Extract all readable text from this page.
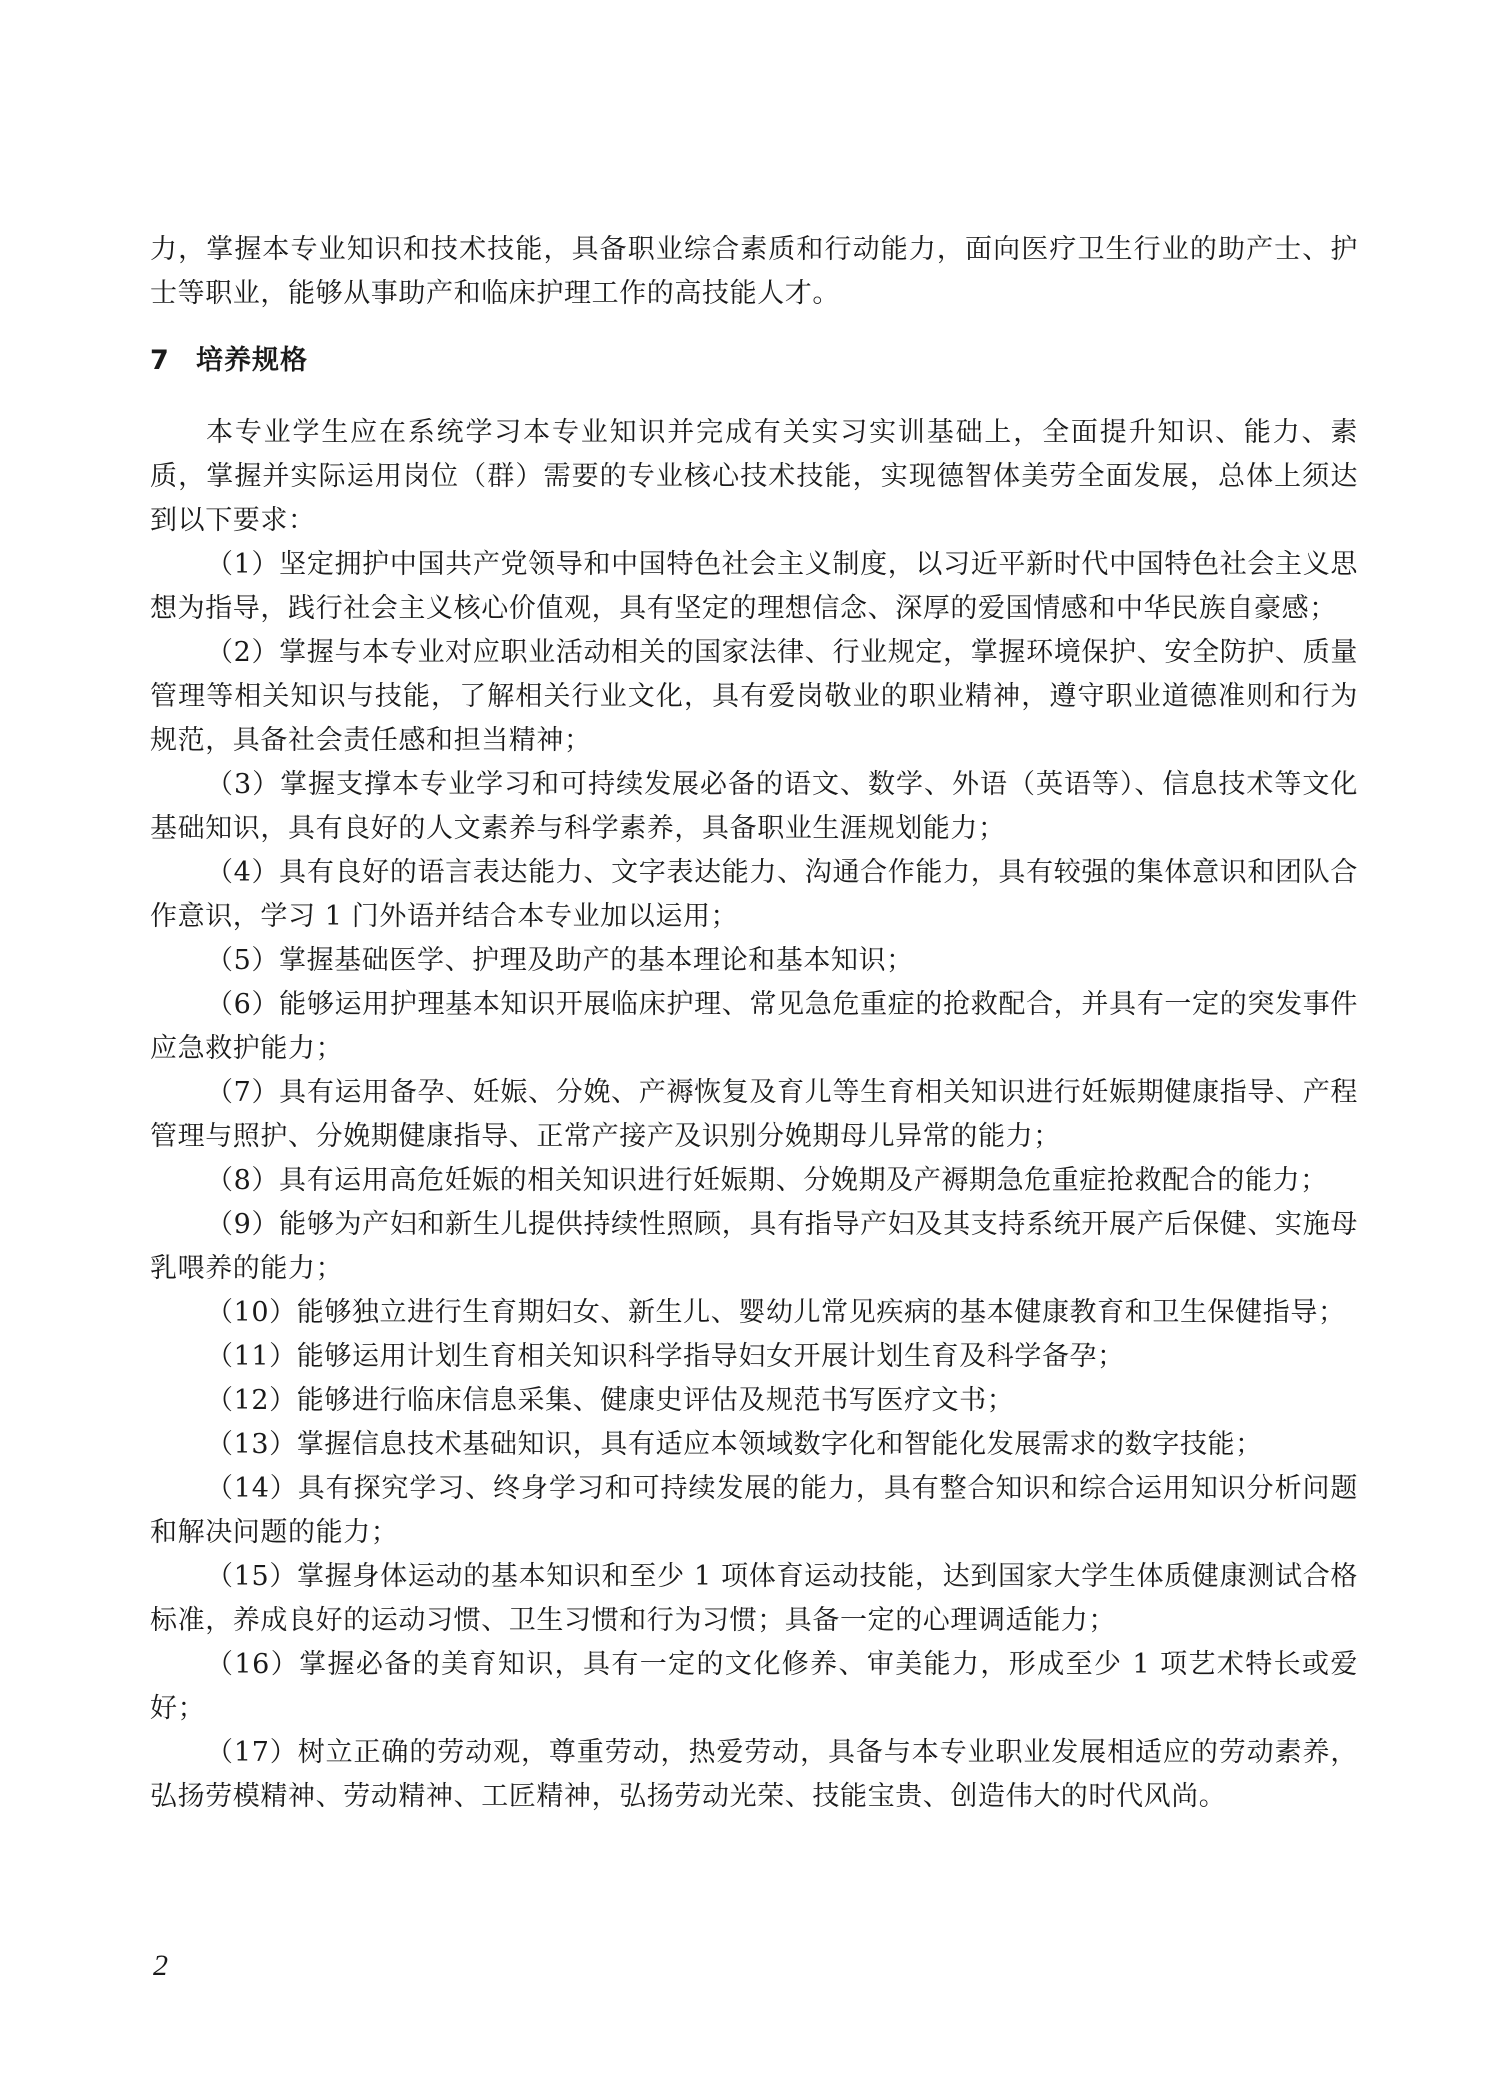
力，掌握本专业知识和技术技能，具备职业综合素质和行动能力，面向医疗卫生行业的助产士、护士等职业，能够从事助产和临床护理工作的高技能人才。

7 培养规格

本专业学生应在系统学习本专业知识并完成有关实习实训基础上，全面提升知识、能力、素质，掌握并实际运用岗位（群）需要的专业核心技术技能，实现德智体美劳全面发展，总体上须达到以下要求：

（1）坚定拥护中国共产党领导和中国特色社会主义制度，以习近平新时代中国特色社会主义思想为指导，践行社会主义核心价值观，具有坚定的理想信念、深厚的爱国情感和中华民族自豪感；

（2）掌握与本专业对应职业活动相关的国家法律、行业规定，掌握环境保护、安全防护、质量管理等相关知识与技能，了解相关行业文化，具有爱岗敬业的职业精神，遵守职业道德准则和行为规范，具备社会责任感和担当精神；

（3）掌握支撑本专业学习和可持续发展必备的语文、数学、外语（英语等）、信息技术等文化基础知识，具有良好的人文素养与科学素养，具备职业生涯规划能力；

（4）具有良好的语言表达能力、文字表达能力、沟通合作能力，具有较强的集体意识和团队合作意识，学习 1 门外语并结合本专业加以运用；

（5）掌握基础医学、护理及助产的基本理论和基本知识；

（6）能够运用护理基本知识开展临床护理、常见急危重症的抢救配合，并具有一定的突发事件应急救护能力；

（7）具有运用备孕、妊娠、分娩、产褥恢复及育儿等生育相关知识进行妊娠期健康指导、产程管理与照护、分娩期健康指导、正常产接产及识别分娩期母儿异常的能力；

（8）具有运用高危妊娠的相关知识进行妊娠期、分娩期及产褥期急危重症抢救配合的能力；

（9）能够为产妇和新生儿提供持续性照顾，具有指导产妇及其支持系统开展产后保健、实施母乳喂养的能力；

（10）能够独立进行生育期妇女、新生儿、婴幼儿常见疾病的基本健康教育和卫生保健指导；

（11）能够运用计划生育相关知识科学指导妇女开展计划生育及科学备孕；

（12）能够进行临床信息采集、健康史评估及规范书写医疗文书；

（13）掌握信息技术基础知识，具有适应本领域数字化和智能化发展需求的数字技能；

（14）具有探究学习、终身学习和可持续发展的能力，具有整合知识和综合运用知识分析问题和解决问题的能力；

（15）掌握身体运动的基本知识和至少 1 项体育运动技能，达到国家大学生体质健康测试合格标准，养成良好的运动习惯、卫生习惯和行为习惯；具备一定的心理调适能力；

（16）掌握必备的美育知识，具有一定的文化修养、审美能力，形成至少 1 项艺术特长或爱好；

（17）树立正确的劳动观，尊重劳动，热爱劳动，具备与本专业职业发展相适应的劳动素养，弘扬劳模精神、劳动精神、工匠精神，弘扬劳动光荣、技能宝贵、创造伟大的时代风尚。

2
